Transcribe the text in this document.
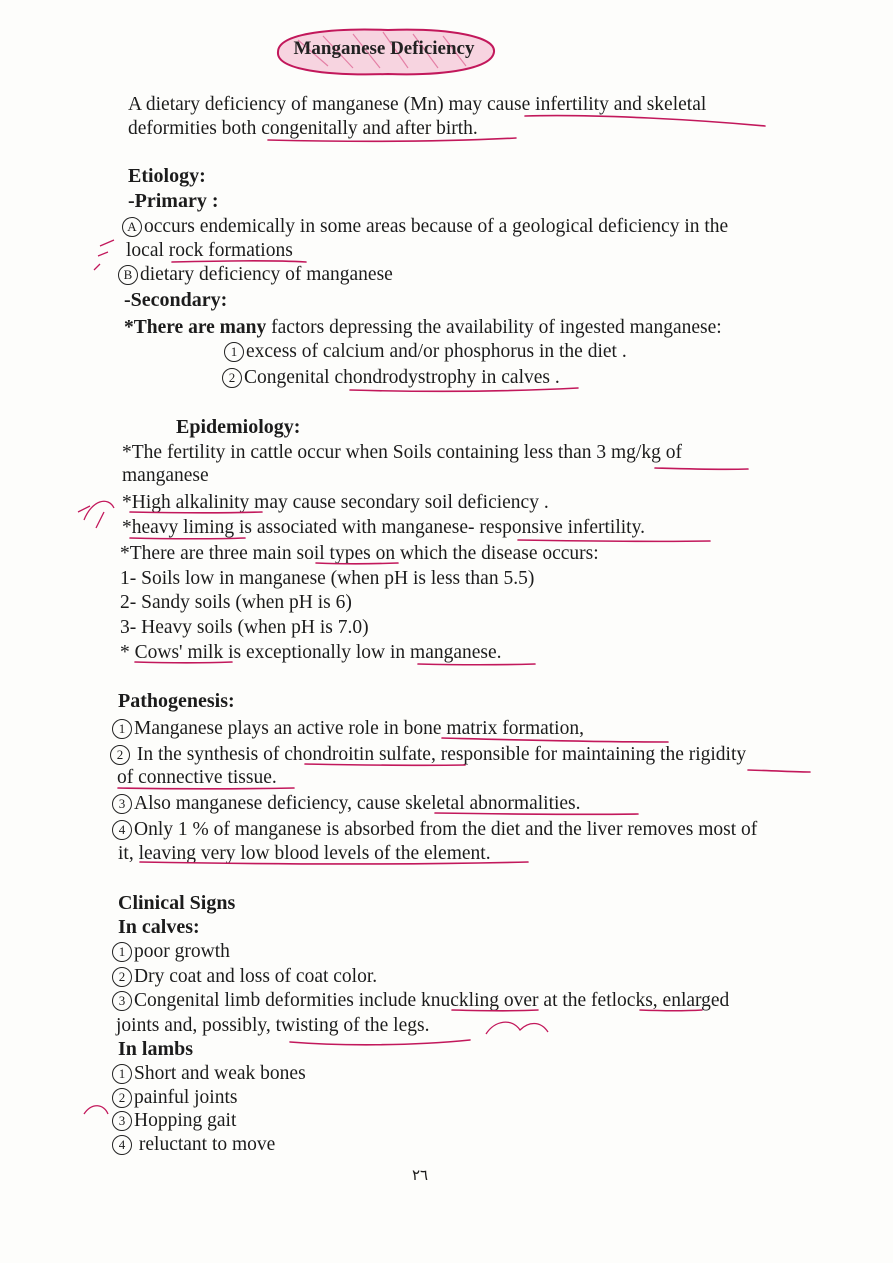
Manganese Deficiency
A dietary deficiency of manganese (Mn) may cause infertility and skeletal
deformities both congenitally and after birth.
Etiology:
-Primary :
A occurs endemically in some areas because of a geological deficiency in the
local rock formations
B dietary deficiency of manganese
-Secondary:
*There are many factors depressing the availability of ingested manganese:
1 excess of calcium and/or phosphorus in the diet .
2 Congenital chondrodystrophy in calves .
Epidemiology:
*The fertility in cattle occur when Soils containing less than 3 mg/kg of
manganese
*High alkalinity may cause secondary soil deficiency .
*heavy liming is associated with manganese- responsive infertility.
*There are three main soil types on which the disease occurs:
1- Soils low in manganese (when pH is less than 5.5)
2- Sandy soils (when pH is 6)
3- Heavy soils (when pH is 7.0)
* Cows' milk is exceptionally low in manganese.
Pathogenesis:
1 Manganese plays an active role in bone matrix formation,
2 In the synthesis of chondroitin sulfate, responsible for maintaining the rigidity
of connective tissue.
3 Also manganese deficiency, cause skeletal abnormalities.
4 Only 1 % of manganese is absorbed from the diet and the liver removes most of
it, leaving very low blood levels of the element.
Clinical Signs
In calves:
1 poor growth
2 Dry coat and loss of coat color.
3 Congenital limb deformities include knuckling over at the fetlocks, enlarged
joints and, possibly, twisting of the legs.
In lambs
1 Short and weak bones
2 painful joints
3 Hopping gait
4 reluctant to move
٢٦
